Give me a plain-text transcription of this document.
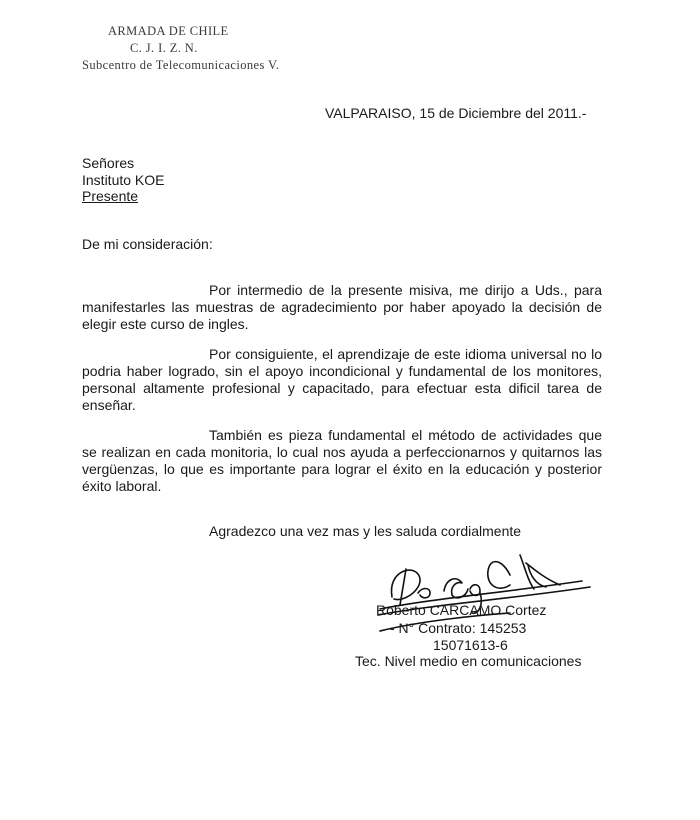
ARMADA DE CHILE
C. J. I. Z. N.
Subcentro de Telecomunicaciones V.
VALPARAISO, 15 de Diciembre del 2011.-
Señores
Instituto KOE
Presente
De mi consideración:
Por intermedio de la presente misiva, me dirijo a Uds., para manifestarles las muestras de agradecimiento por haber apoyado la decisión de elegir este curso de ingles.
Por consiguiente, el aprendizaje de este idioma universal no lo podria haber logrado, sin el apoyo incondicional y fundamental de los monitores, personal altamente profesional y capacitado, para efectuar esta dificil tarea de enseñar.
También es pieza fundamental el método de actividades que se realizan en cada monitoria, lo cual nos ayuda a perfeccionarnos y quitarnos las vergüenzas, lo que es importante para lograr el éxito en la educación y posterior éxito laboral.
Agradezco una vez mas y les saluda cordialmente
Roberto CARCAMO Cortez
- N° Contrato: 145253
15071613-6
Tec. Nivel medio en comunicaciones
